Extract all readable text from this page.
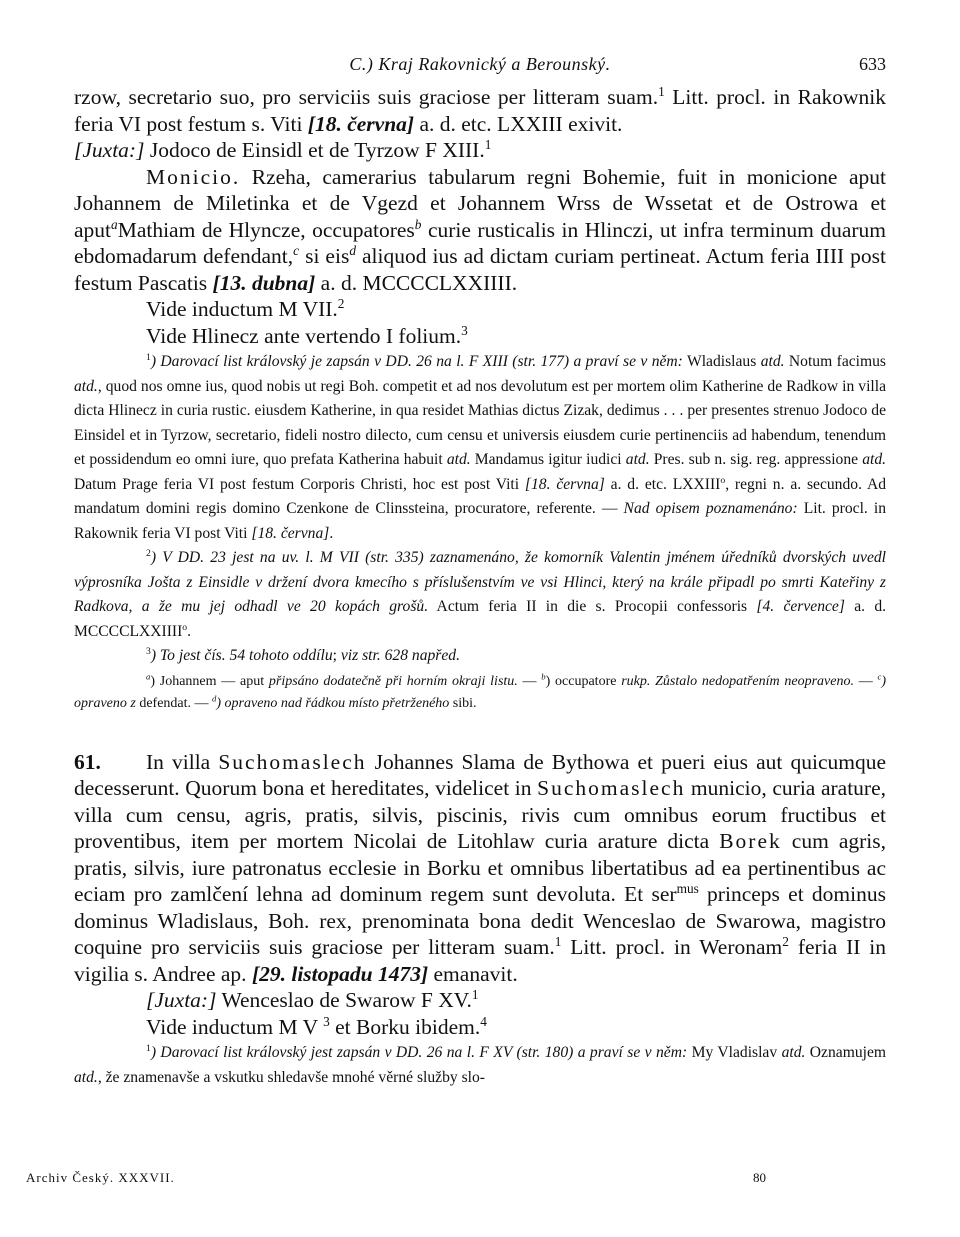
C.) Kraj Rakovnický a Berounský.	633

rzow, secretario suo, pro serviciis suis graciose per litteram suam.$^1$ Litt. procl. in Rakownik feria VI post festum s. Viti [18. června] a. d. etc. LXXIII exivit.

[Juxta:] Jodoco de Einsidl et de Tyrzow F XIII.$^1$

Monicio. Rzeha, camerarius tabularum regni Bohemie, fuit in monicione aput Johannem de Miletinka et de Vgezd et Johannem Wrss de Wssetat et de Ostrowa et aput$^a$Mathiam de Hlyncze, occupatores$^b$ curie rusticalis in Hlinczi, ut infra terminum duarum ebdomadarum defendant,$^c$ si eis$^d$ aliquod ius ad dictam curiam pertineat. Actum feria IIII post festum Pascatis [13. dubna] a. d. MCCCCLXXIIII.

Vide inductum M VII.$^2$

Vide Hlinecz ante vertendo I folium.$^3$

$^1$) Darovací list královský je zapsán v DD. 26 na l. F XIII (str. 177) a praví se v něm: Wladislaus atd. Notum facimus atd., quod nos omne ius, quod nobis ut regi Boh. competit et ad nos devolutum est per mortem olim Katherine de Radkow in villa dicta Hlinecz in curia rustic. eiusdem Katherine, in qua residet Mathias dictus Zizak, dedimus . . . per presentes strenuo Jodoco de Einsidel et in Tyrzow, secretario, fideli nostro dilecto, cum censu et universis eiusdem curie pertinenciis ad habendum, tenendum et possidendum eo omni iure, quo prefata Katherina habuit atd. Mandamus igitur iudici atd. Pres. sub n. sig. reg. appressione atd. Datum Prage feria VI post festum Corporis Christi, hoc est post Viti [18. června] a. d. etc. LXXIII$^o$, regni n. a. secundo. Ad mandatum domini regis domino Czenkone de Clinssteina, procuratore, referente. — Nad opisem poznamenáno: Lit. procl. in Rakownik feria VI post Viti [18. června].

$^2$) V DD. 23 jest na uv. l. M VII (str. 335) zaznamenáno, že komorník Valentin jménem úředníků dvorských uvedl výprosníka Jošta z Einsidle v držení dvora kmecího s příslušenstvím ve vsi Hlinci, který na krále připadl po smrti Kateřiny z Radkova, a že mu jej odhadl ve 20 kopách grošů. Actum feria II in die s. Procopii confessoris [4. července] a. d. MCCCCLXXIIII$^o$.

$^3$) To jest čís. 54 tohoto oddílu; viz str. 628 napřed.

$^a$) Johannem — aput připsáno dodatečně při horním okraji listu. — $^b$) occupatore rukp. Zůstalo nedopatřením neopraveno. — $^c$) opraveno z defendat. — $^d$) opraveno nad řádkou místo přetrženého sibi.

61. In villa Suchomaslech Johannes Slama de Bythowa et pueri eius aut quicumque decesserunt. Quorum bona et hereditates, videlicet in Suchomaslech municio, curia arature, villa cum censu, agris, pratis, silvis, piscinis, rivis cum omnibus eorum fructibus et proventibus, item per mortem Nicolai de Litohlaw curia arature dicta Borek cum agris, pratis, silvis, iure patronatus ecclesie in Borku et omnibus libertatibus ad ea pertinentibus ac eciam pro zamlčení lehna ad dominum regem sunt devoluta. Et ser$^{mus}$ princeps et dominus dominus Wladislaus, Boh. rex, prenominata bona dedit Wenceslao de Swarowa, magistro coquine pro serviciis suis graciose per litteram suam.$^1$ Litt. procl. in Weronam$^2$ feria II in vigilia s. Andree ap. [29. listopadu 1473] emanavit.

[Juxta:] Wenceslao de Swarow F XV.$^1$

Vide inductum M V $^3$ et Borku ibidem.$^4$

$^1$) Darovací list královský jest zapsán v DD. 26 na l. F XV (str. 180) a praví se v něm: My Vladislav atd. Oznamujem atd., že znamenavše a vskutku shledavše mnohé věrné služby slo-

Archiv Český. XXXVII.	80
